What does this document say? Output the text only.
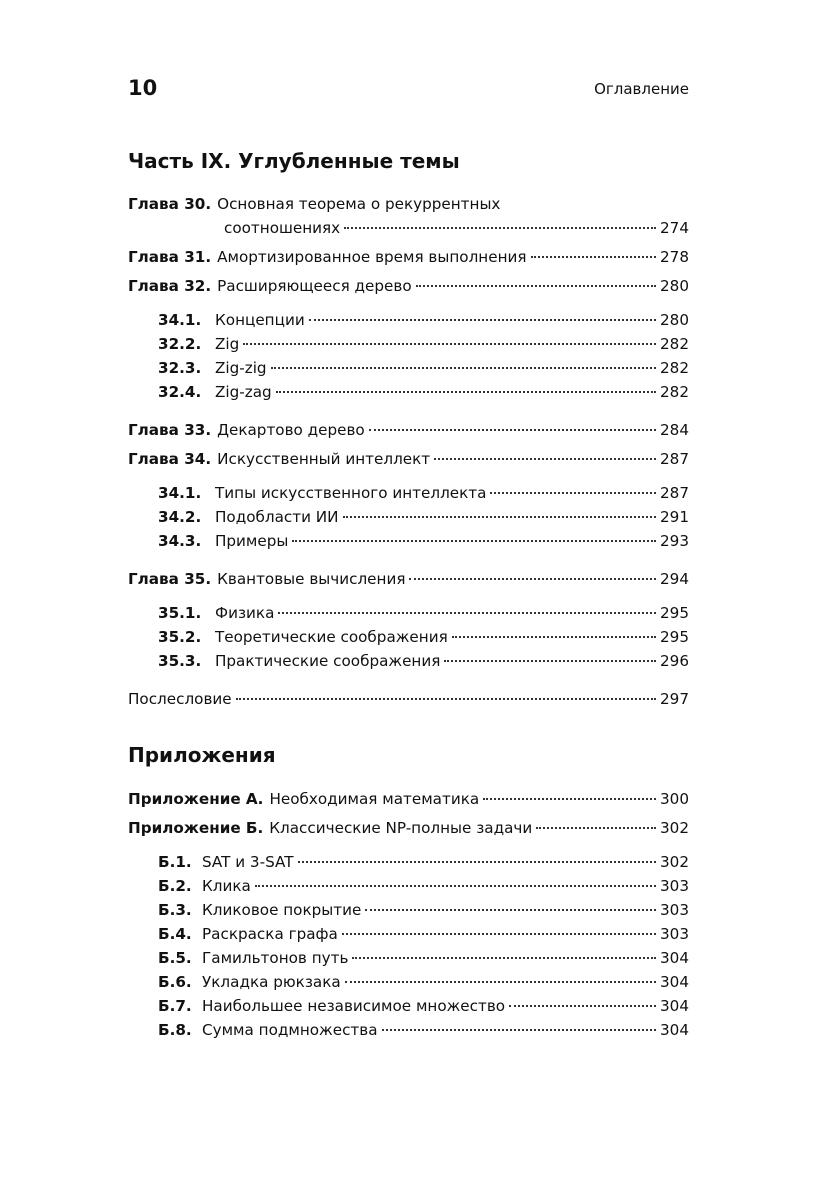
10	Оглавление
Часть IX. Углубленные темы
Глава 30. Основная теорема о рекуррентных
соотношениях	274
Глава 31. Амортизированное время выполнения	278
Глава 32. Расширяющееся дерево	280
34.1. Концепции	280
32.2. Zig	282
32.3. Zig-zig	282
32.4. Zig-zag	282
Глава 33. Декартово дерево	284
Глава 34. Искусственный интеллект	287
34.1. Типы искусственного интеллекта	287
34.2. Подобласти ИИ	291
34.3. Примеры	293
Глава 35. Квантовые вычисления	294
35.1. Физика	295
35.2. Теоретические соображения	295
35.3. Практические соображения	296
Послесловие	297
Приложения
Приложение А. Необходимая математика	300
Приложение Б. Классические NP-полные задачи	302
Б.1. SAT и 3-SAT	302
Б.2. Клика	303
Б.3. Кликовое покрытие	303
Б.4. Раскраска графа	303
Б.5. Гамильтонов путь	304
Б.6. Укладка рюкзака	304
Б.7. Наибольшее независимое множество	304
Б.8. Сумма подмножества	304
